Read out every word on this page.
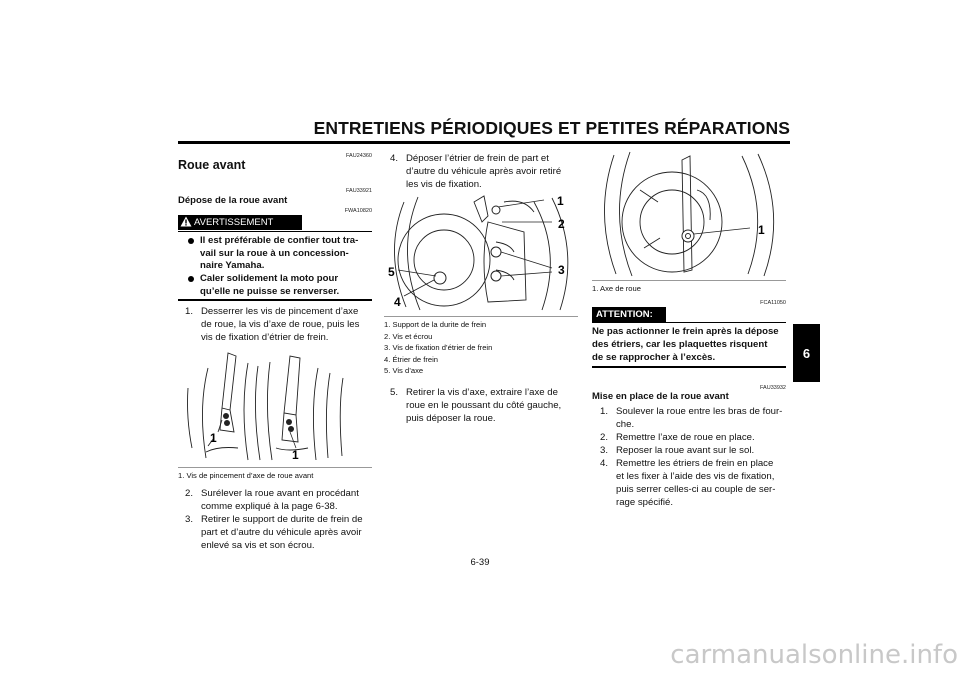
ENTRETIENS PÉRIODIQUES ET PETITES RÉPARATIONS
6
FAU24360
Roue avant
FAU33921
Dépose de la roue avant
FWA10820
AVERTISSEMENT
Il est préférable de confier tout tra-
vail sur la roue à un concession-
naire Yamaha.
Caler solidement la moto pour
qu’elle ne puisse se renverser.
1. Desserrer les vis de pincement d’axe
de roue, la vis d’axe de roue, puis les
vis de fixation d’étrier de frein.
1
1
1. Vis de pincement d’axe de roue avant
2. Surélever la roue avant en procédant
comme expliqué à la page 6-38.
3. Retirer le support de durite de frein de
part et d’autre du véhicule après avoir
enlevé sa vis et son écrou.
4. Déposer l’étrier de frein de part et
d’autre du véhicule après avoir retiré
les vis de fixation.
1
2
3
4
5
1. Support de la durite de frein
2. Vis et écrou
3. Vis de fixation d’étrier de frein
4. Étrier de frein
5. Vis d’axe
5. Retirer la vis d’axe, extraire l’axe de
roue en le poussant du côté gauche,
puis déposer la roue.
1
1. Axe de roue
FCA11050
ATTENTION:
Ne pas actionner le frein après la dépose
des étriers, car les plaquettes risquent
de se rapprocher à l’excès.
FAU33932
Mise en place de la roue avant
1. Soulever la roue entre les bras de four-
che.
2. Remettre l’axe de roue en place.
3. Reposer la roue avant sur le sol.
4. Remettre les étriers de frein en place
et les fixer à l’aide des vis de fixation,
puis serrer celles-ci au couple de ser-
rage spécifié.
6-39
carmanualsonline.info
